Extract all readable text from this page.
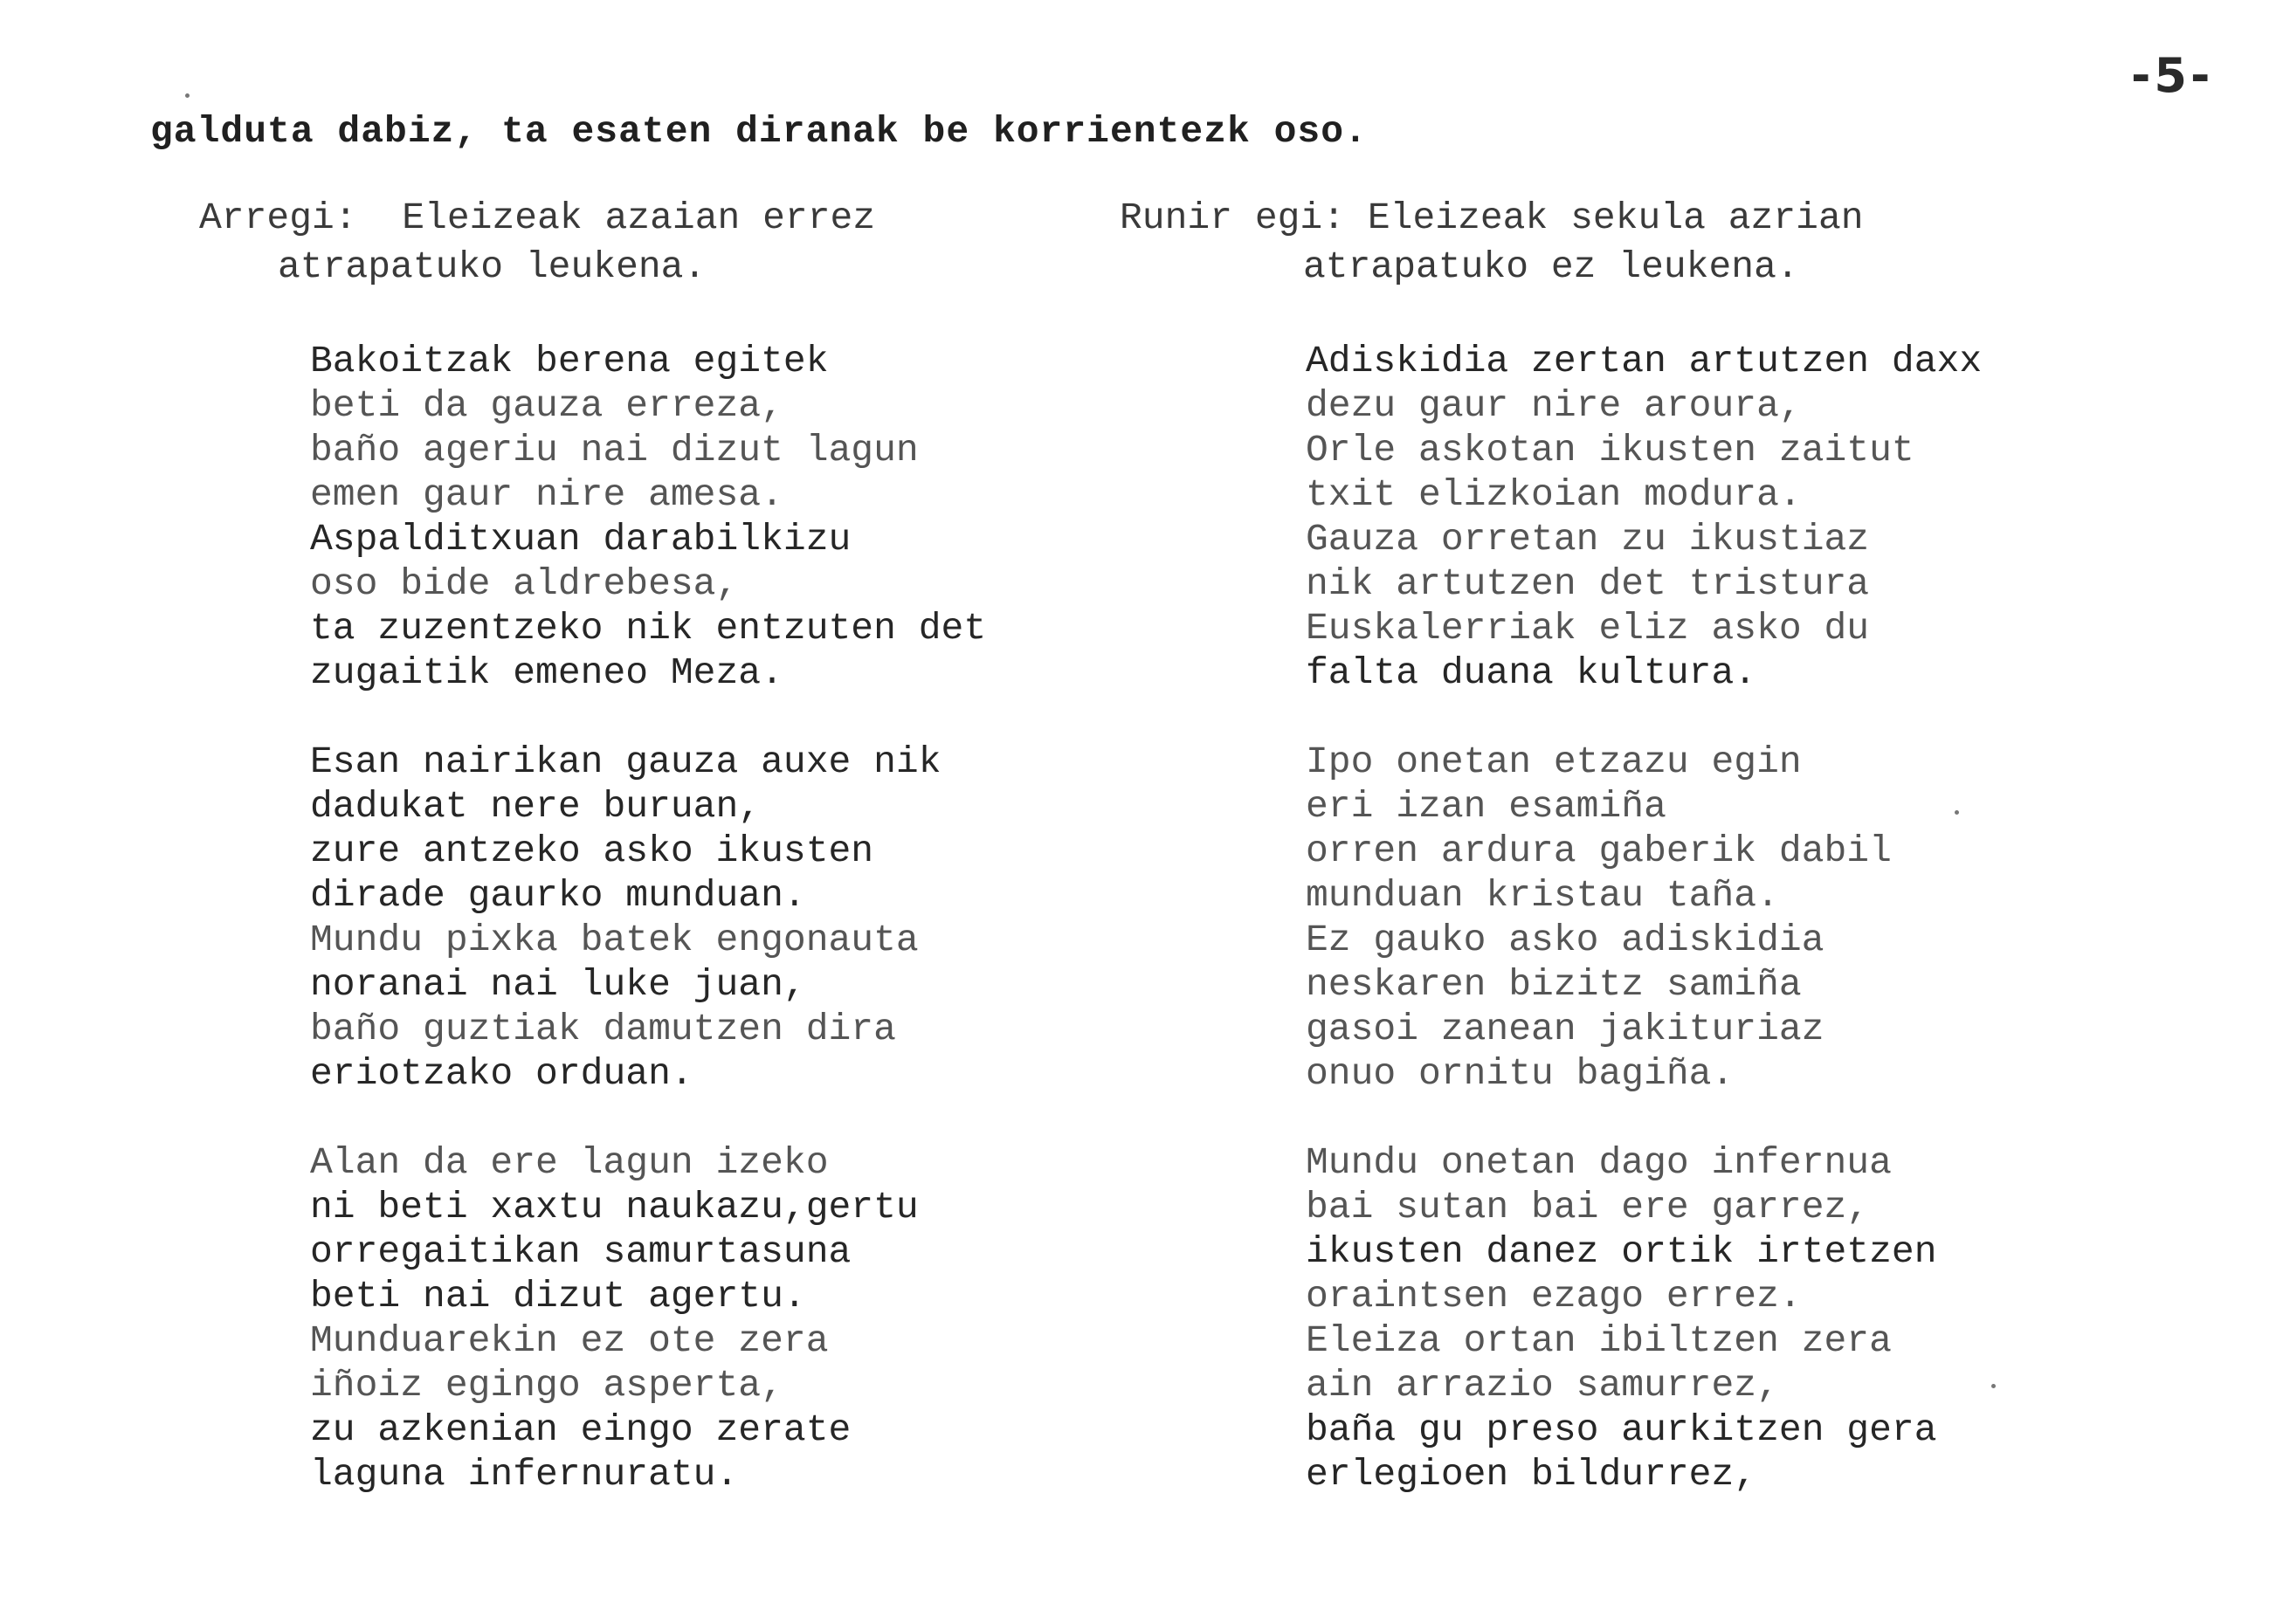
-5-
galduta dabiz, ta esaten diranak be korrientezk oso.
Arregi: Eleizeak azaian errez
atrapatuko leukena.
Runir egi: Eleizeak sekula azrian
atrapatuko ez leukena.
Bakoitzak berena egitek
beti da gauza erreza,
baño ageriu nai dizut lagun
emen gaur nire amesa.
Aspalditxuan darabilkizu
oso bide aldrebesa,
ta zuzentzeko nik entzuten det
zugaitik emeneo Meza.
Esan nairikan gauza auxe nik
dadukat nere buruan,
zure antzeko asko ikusten
dirade gaurko munduan.
Mundu pixka batek engonauta
noranai nai luke juan,
baño guztiak damutzen dira
eriotzako orduan.
Alan da ere lagun izeko
ni beti xaxtu naukazu,gertu
orregaitikan samurtasuna
beti nai dizut agertu.
Munduarekin ez ote zera
iñoiz egingo asperta,
zu azkenian eingo zerate
laguna infernuratu.
Adiskidia zertan artutzen daxx
dezu gaur nire aroura,
Orle askotan ikusten zaitut
txit elizkoian modura.
Gauza orretan zu ikustiaz
nik artutzen det tristura
Euskalerriak eliz asko du
falta duana kultura.
Ipo onetan etzazu egin
eri izan esamiña
orren ardura gaberik dabil
munduan kristau taña.
Ez gauko asko adiskidia
neskaren bizitz samiña
gasoi zanean jakituriaz
onuo ornitu bagiña.
Mundu onetan dago infernua
bai sutan bai ere garrez,
ikusten danez ortik irtetzen
oraintsen ezago errez.
Eleiza ortan ibiltzen zera
ain arrazio samurrez,
baña gu preso aurkitzen gera
erlegioen bildurrez,
